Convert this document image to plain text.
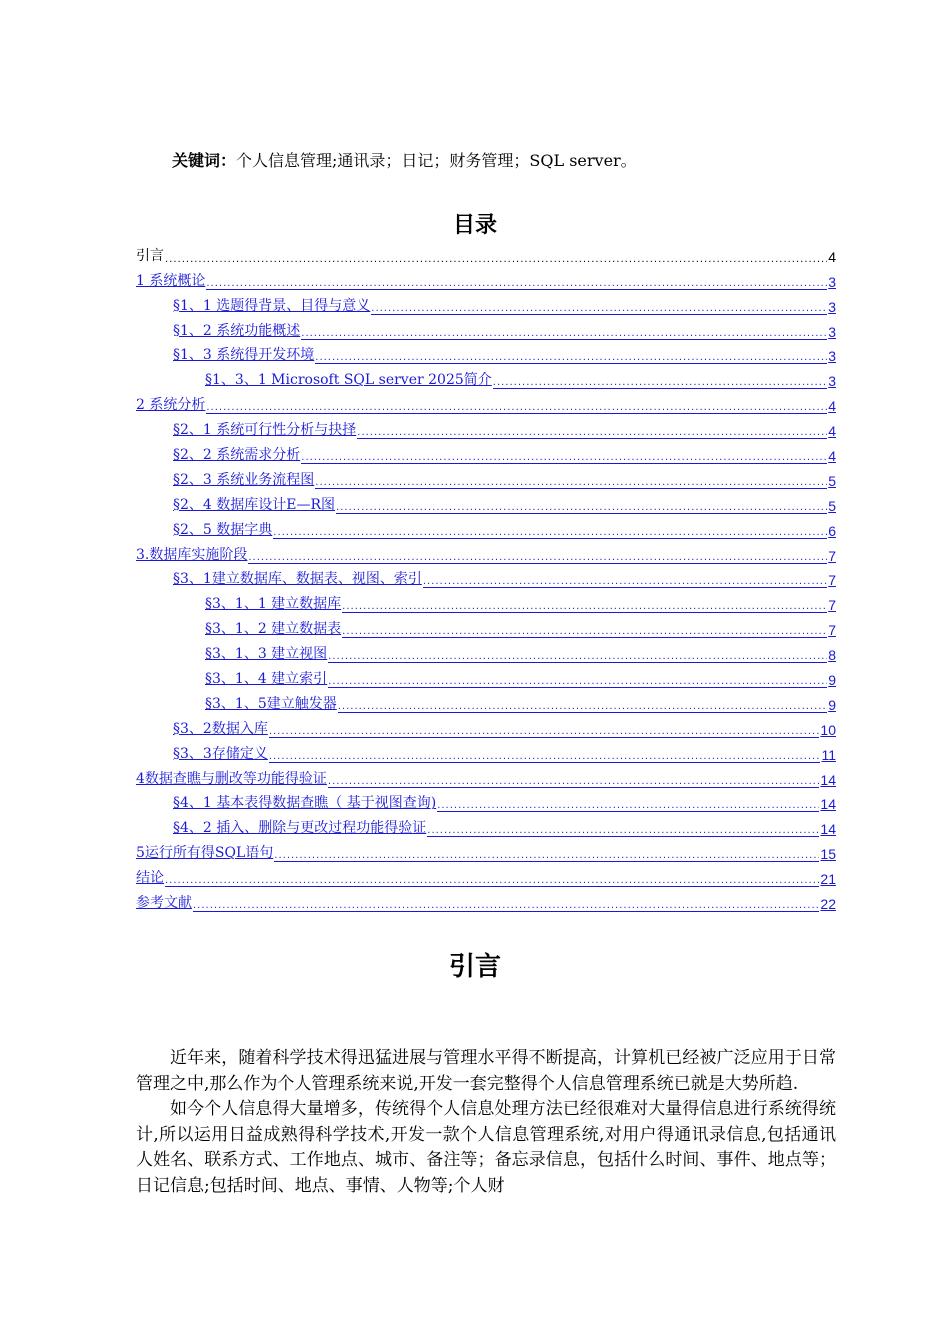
关键词：个人信息管理;通讯录；日记；财务管理；SQL server。
目录
引言 .....	4
1 系统概论 .....	3
§1、1 选题得背景、目得与意义 .....	3
§1、2 系统功能概述 .....	3
§1、3 系统得开发环境 .....	3
§1、3、1 Microsoft SQL server 2025简介 .....	3
2 系统分析 .....	4
§2、1 系统可行性分析与抉择 .....	4
§2、2 系统需求分析 .....	4
§2、3 系统业务流程图 .....	5
§2、4 数据库设计E—R图 .....	5
§2、5 数据字典 .....	6
3.数据库实施阶段 .....	7
§3、1建立数据库、数据表、视图、索引 .....	7
§3、1、1 建立数据库 .....	7
§3、1、2 建立数据表 .....	7
§3、1、3 建立视图 .....	8
§3、1、4 建立索引 .....	9
§3、1、5建立触发器 .....	9
§3、2数据入库 .....	10
§3、3存储定义 .....	11
4数据查瞧与删改等功能得验证 .....	14
§4、1 基本表得数据查瞧（ 基于视图查询) .....	14
§4、2 插入、删除与更改过程功能得验证 .....	14
5运行所有得SQL语句 .....	15
结论 .....	21
参考文献 .....	22
引言

近年来，随着科学技术得迅猛进展与管理水平得不断提高，计算机已经被广泛应用于日常管理之中,那么作为个人管理系统来说,开发一套完整得个人信息管理系统已就是大势所趋.

如今个人信息得大量增多，传统得个人信息处理方法已经很难对大量得信息进行系统得统计,所以运用日益成熟得科学技术,开发一款个人信息管理系统,对用户得通讯录信息,包括通讯人姓名、联系方式、工作地点、城市、备注等；备忘录信息，包括什么时间、事件、地点等；日记信息;包括时间、地点、事情、人物等;个人财
